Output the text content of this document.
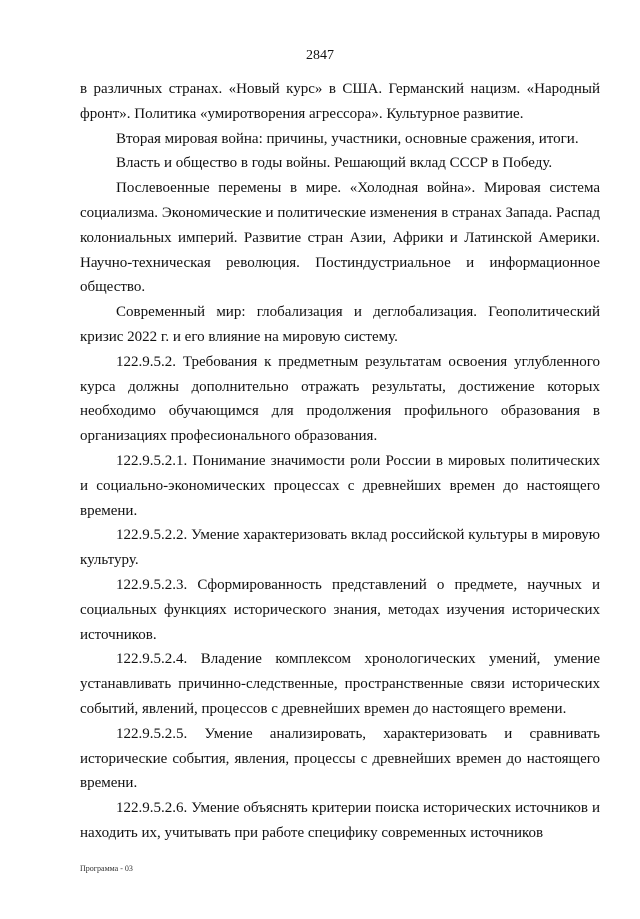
2847

в различных странах. «Новый курс» в США. Германский нацизм. «Народный фронт». Политика «умиротворения агрессора». Культурное развитие.

Вторая мировая война: причины, участники, основные сражения, итоги.

Власть и общество в годы войны. Решающий вклад СССР в Победу.

Послевоенные перемены в мире. «Холодная война». Мировая система социализма. Экономические и политические изменения в странах Запада. Распад колониальных империй. Развитие стран Азии, Африки и Латинской Америки. Научно-техническая революция. Постиндустриальное и информационное общество.

Современный мир: глобализация и деглобализация. Геополитический кризис 2022 г. и его влияние на мировую систему.

122.9.5.2. Требования к предметным результатам освоения углубленного курса должны дополнительно отражать результаты, достижение которых необходимо обучающимся для продолжения профильного образования в организациях професионального образования.

122.9.5.2.1. Понимание значимости роли России в мировых политических и социально-экономических процессах с древнейших времен до настоящего времени.

122.9.5.2.2. Умение характеризовать вклад российской культуры в мировую культуру.

122.9.5.2.3. Сформированность представлений о предмете, научных и социальных функциях исторического знания, методах изучения исторических источников.

122.9.5.2.4. Владение комплексом хронологических умений, умение устанавливать причинно-следственные, пространственные связи исторических событий, явлений, процессов с древнейших времен до настоящего времени.

122.9.5.2.5. Умение анализировать, характеризовать и сравнивать исторические события, явления, процессы с древнейших времен до настоящего времени.

122.9.5.2.6. Умение объяснять критерии поиска исторических источников и находить их, учитывать при работе специфику современных источников

Программа - 03
